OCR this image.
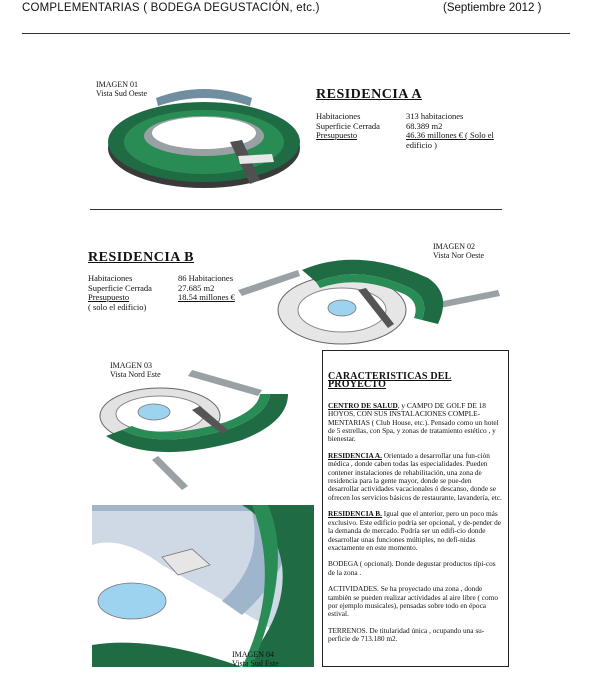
COMPLEMENTARIAS ( BODEGA DEGUSTACIÓN, etc.)	(Septiembre 2012 )
IMAGEN 01
Vista Sud Oeste	RESIDENCIA A
Habitaciones	313 habitaciones
Superficie Cerrada	68.389 m2
Presupuesto	46.36 millones € ( Solo el
edificio )
RESIDENCIA B
Habitaciones	86 Habitaciones
Superficie Cerrada	27.685 m2
Presupuesto	18.54 millones €
( solo el edificio)
IMAGEN 02
Vista Nor Oeste
IMAGEN 03
Vista Nord Este
IMAGEN 04
Vista Sud Este
CARACTERISTICAS DEL PROYECTO

CENTRO DE SALUD, y CAMPO DE GOLF DE 18 HOYOS, CON SUS INSTALACIONES COMPLE-MENTARIAS ( Club House, etc.). Pensado como un hotel de 5 estrellas, con Spa, y zonas de tratamiento estético , y bienestar.

RESIDENCIA A. Orientado a desarrollar una fun-ción médica , donde caben todas las especialidades. Pueden contener instalaciones de rehabilitación, una zona de residencia para la gente mayor, donde se pue-den desarrollar actividades vacacionales ó descanso, donde se ofrecen los servicios básicos de restaurante, lavandería, etc.

RESIDENCIA B. Igual que el anterior, pero un poco más exclusivo. Este edificio podría ser opcional, y de-pender de la demanda de mercado. Podría ser un edifi-cio donde desarrollar unas funciones múltiples, no defi-nidas exactamente en este momento.

BODEGA ( opcional). Donde degustar productos típi-cos de la zona .

ACTIVIDADES. Se ha proyectado una zona , donde también se pueden realizar actividades al aire libre ( como por ejemplo musicales), pensadas sobre todo en época estival.

TERRENOS. De titularidad única , ocupando una su-perficie de 713.180 m2.
